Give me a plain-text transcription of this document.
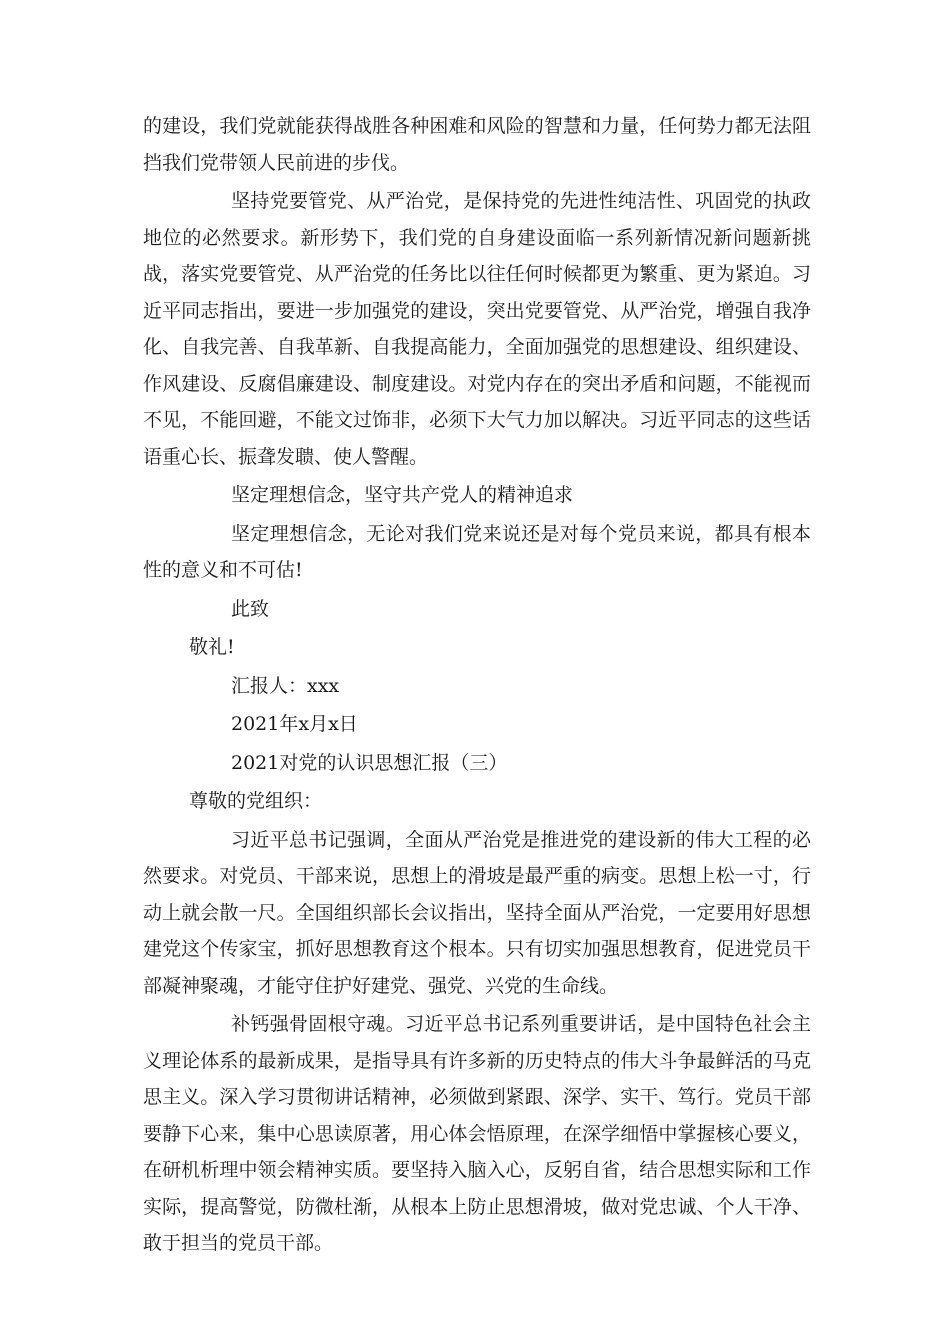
的建设，我们党就能获得战胜各种困难和风险的智慧和力量，任何势力都无法阻挡我们党带领人民前进的步伐。

坚持党要管党、从严治党，是保持党的先进性纯洁性、巩固党的执政地位的必然要求。新形势下，我们党的自身建设面临一系列新情况新问题新挑战，落实党要管党、从严治党的任务比以往任何时候都更为繁重、更为紧迫。习近平同志指出，要进一步加强党的建设，突出党要管党、从严治党，增强自我净化、自我完善、自我革新、自我提高能力，全面加强党的思想建设、组织建设、作风建设、反腐倡廉建设、制度建设。对党内存在的突出矛盾和问题，不能视而不见，不能回避，不能文过饰非，必须下大气力加以解决。习近平同志的这些话语重心长、振聋发聩、使人警醒。

坚定理想信念，坚守共产党人的精神追求

坚定理想信念，无论对我们党来说还是对每个党员来说，都具有根本性的意义和不可估!

此致

敬礼!

汇报人：xxx

2021年x月x日

2021对党的认识思想汇报（三）

尊敬的党组织：

习近平总书记强调，全面从严治党是推进党的建设新的伟大工程的必然要求。对党员、干部来说，思想上的滑坡是最严重的病变。思想上松一寸，行动上就会散一尺。全国组织部长会议指出，坚持全面从严治党，一定要用好思想建党这个传家宝，抓好思想教育这个根本。只有切实加强思想教育，促进党员干部凝神聚魂，才能守住护好建党、强党、兴党的生命线。

补钙强骨固根守魂。习近平总书记系列重要讲话，是中国特色社会主义理论体系的最新成果，是指导具有许多新的历史特点的伟大斗争最鲜活的马克思主义。深入学习贯彻讲话精神，必须做到紧跟、深学、实干、笃行。党员干部要静下心来，集中心思读原著，用心体会悟原理，在深学细悟中掌握核心要义，在研机析理中领会精神实质。要坚持入脑入心，反躬自省，结合思想实际和工作实际，提高警觉，防微杜渐，从根本上防止思想滑坡，做对党忠诚、个人干净、敢于担当的党员干部。
